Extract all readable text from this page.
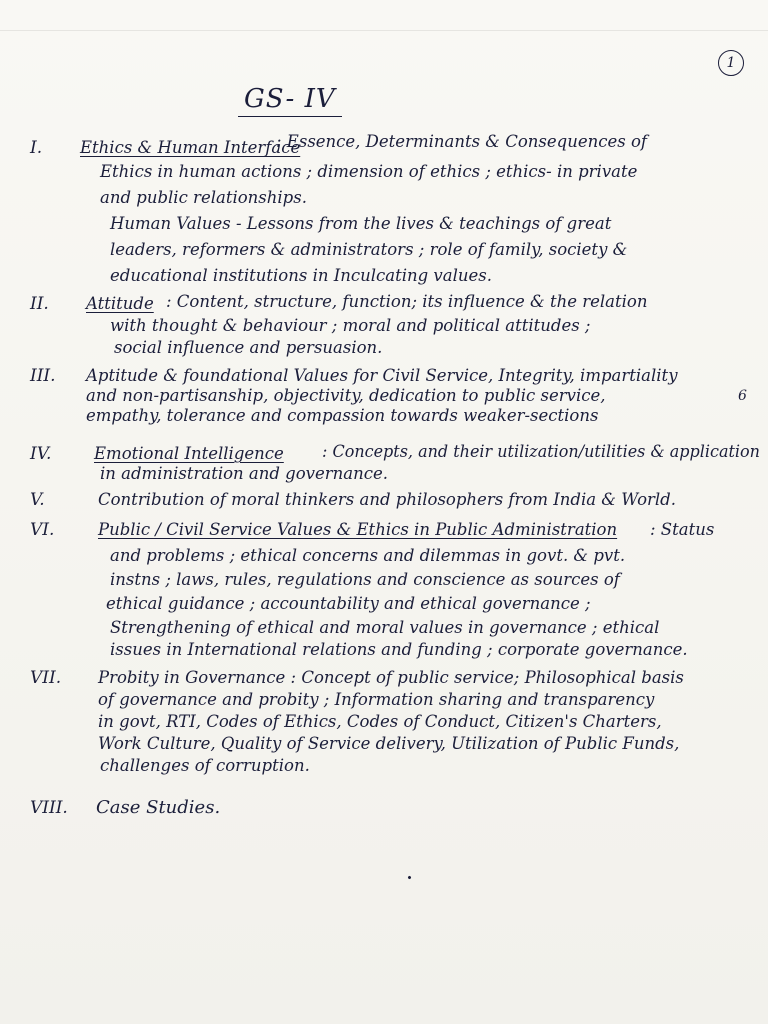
1
GS- IV
6
I.	Ethics & Human Interface
: Essence, Determinants & Consequences of
Ethics in human actions ; dimension of ethics ; ethics- in private
and public relationships.
Human Values - Lessons from the lives & teachings of great
leaders, reformers & administrators ; role of family, society &
educational institutions in Inculcating values.
II.	Attitude : Content, structure, function; its influence & the relation
with thought & behaviour ; moral and political attitudes ;
social influence and persuasion.
III.	Aptitude & foundational Values for Civil Service, Integrity, impartiality
and non-partisanship, objectivity, dedication to public service,
empathy, tolerance and compassion towards weaker-sections
IV.	Emotional Intelligence : Concepts, and their utilization/utilities & application
in administration and governance.
V.	Contribution of moral thinkers and philosophers from India & World.
VI.	Public / Civil Service Values & Ethics in Public Administration : Status
and problems ; ethical concerns and dilemmas in govt. & pvt.
instns ; laws, rules, regulations and conscience as sources of
ethical guidance ; accountability and ethical governance ;
Strengthening of ethical and moral values in governance ; ethical
issues in International relations and funding ; corporate governance.
VII.	Probity in Governance : Concept of public service; Philosophical basis
of governance and probity ; Information sharing and transparency
in govt, RTI, Codes of Ethics, Codes of Conduct, Citizen's Charters,
Work Culture, Quality of Service delivery, Utilization of Public Funds,
challenges of corruption.
VIII.	Case Studies.
